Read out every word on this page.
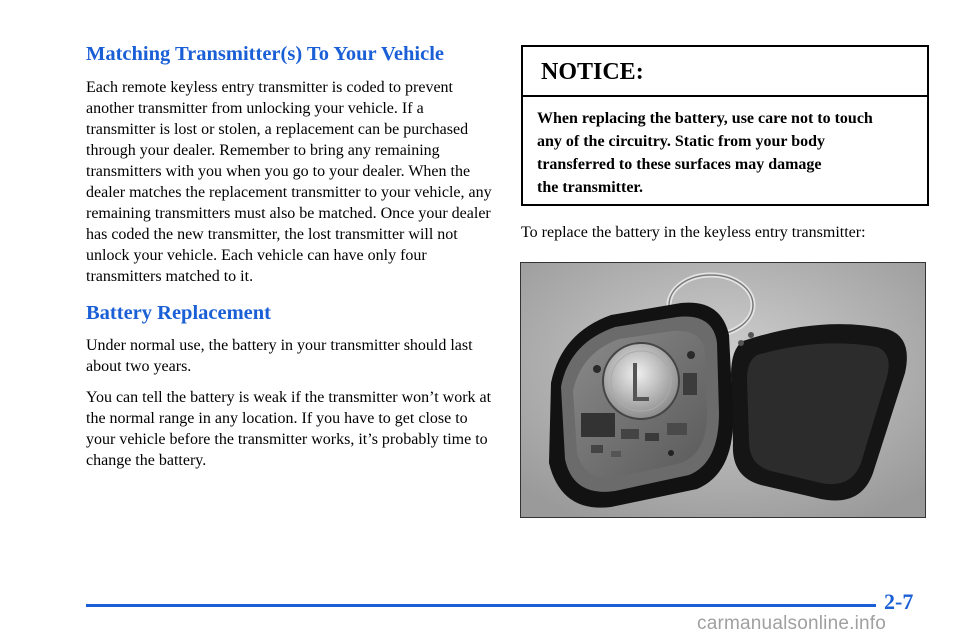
Matching Transmitter(s) To Your Vehicle

Each remote keyless entry transmitter is coded to prevent another transmitter from unlocking your vehicle. If a transmitter is lost or stolen, a replacement can be purchased through your dealer. Remember to bring any remaining transmitters with you when you go to your dealer. When the dealer matches the replacement transmitter to your vehicle, any remaining transmitters must also be matched. Once your dealer has coded the new transmitter, the lost transmitter will not unlock your vehicle. Each vehicle can have only four transmitters matched to it.

Battery Replacement

Under normal use, the battery in your transmitter should last about two years.

You can tell the battery is weak if the transmitter won’t work at the normal range in any location. If you have to get close to your vehicle before the transmitter works, it’s probably time to change the battery.

NOTICE:
When replacing the battery, use care not to touch
any of the circuitry. Static from your body
transferred to these surfaces may damage
the transmitter.

To replace the battery in the keyless entry transmitter:

2-7
carmanualsonline.info
